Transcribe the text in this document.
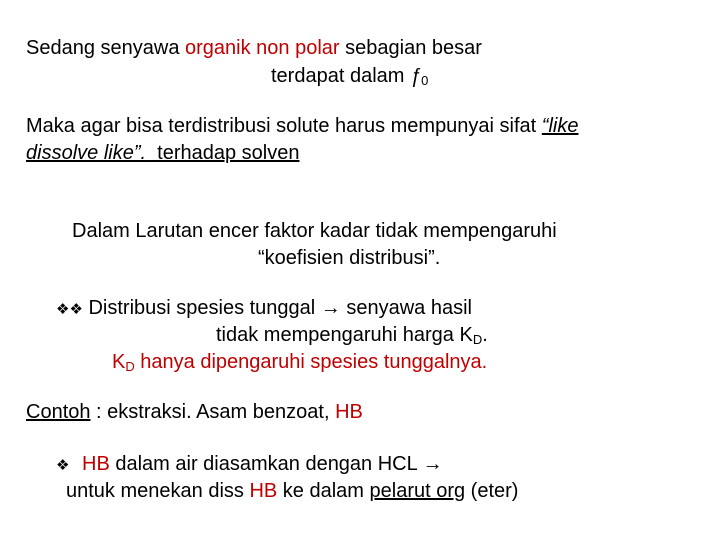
Sedang senyawa organik non polar sebagian besar
terdapat dalam $ƒ_0$
Maka agar bisa terdistribusi solute harus mempunyai sifat “like
dissolve like”.  terhadap solven
Dalam Larutan encer faktor kadar tidak mempengaruhi
“koefisien distribusi”.
❖❖ Distribusi spesies tunggal → senyawa hasil
tidak mempengaruhi harga $K_D$.
$K_D$ hanya dipengaruhi spesies tunggalnya.
Contoh : ekstraksi. Asam benzoat, HB
❖ HB dalam air diasamkan dengan HCL →
untuk menekan diss HB ke dalam pelarut org (eter)
